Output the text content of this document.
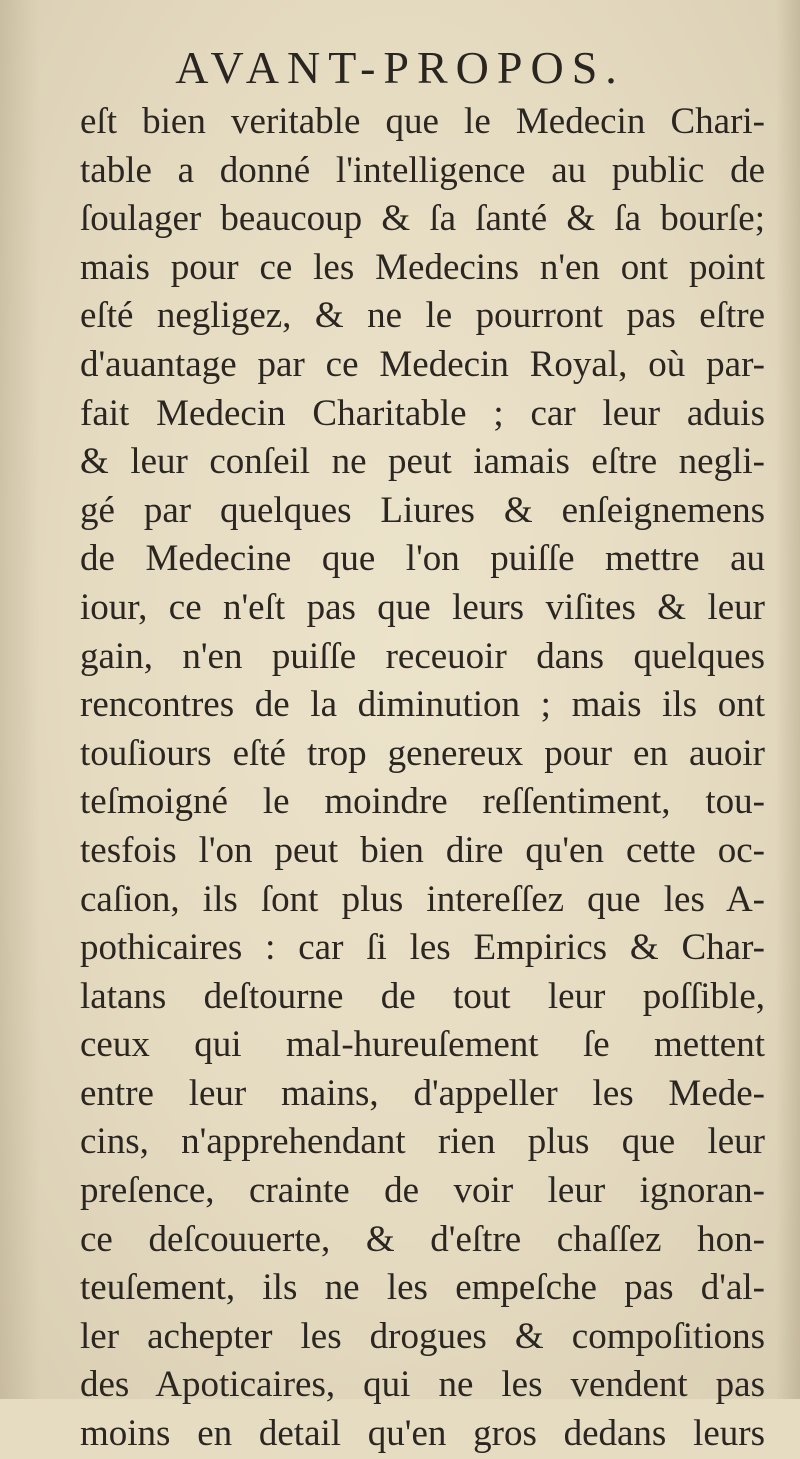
AVANT-PROPOS.
eſt bien veritable que le Medecin Chari-
table a donné l'intelligence au public de
ſoulager beaucoup & ſa ſanté & ſa bourſe;
mais pour ce les Medecins n'en ont point
eſté negligez, & ne le pourront pas eſtre
d'auantage par ce Medecin Royal, où par-
fait Medecin Charitable ; car leur aduis
& leur conſeil ne peut iamais eſtre negli-
gé par quelques Liures & enſeignemens
de Medecine que l'on puiſſe mettre au
iour, ce n'eſt pas que leurs viſites & leur
gain, n'en puiſſe receuoir dans quelques
rencontres de la diminution ; mais ils ont
touſiours eſté trop genereux pour en auoir
teſmoigné le moindre reſſentiment, tou-
tesfois l'on peut bien dire qu'en cette oc-
caſion, ils ſont plus intereſſez que les A-
pothicaires : car ſi les Empirics & Char-
latans deſtourne de tout leur poſſible,
ceux qui mal-hureuſement ſe mettent
entre leur mains, d'appeller les Mede-
cins, n'apprehendant rien plus que leur
preſence, crainte de voir leur ignoran-
ce deſcouuerte, & d'eſtre chaſſez hon-
teuſement, ils ne les empeſche pas d'al-
ler achepter les drogues & compoſitions
des Apoticaires, qui ne les vendent pas
moins en detail qu'en gros dedans leurs
